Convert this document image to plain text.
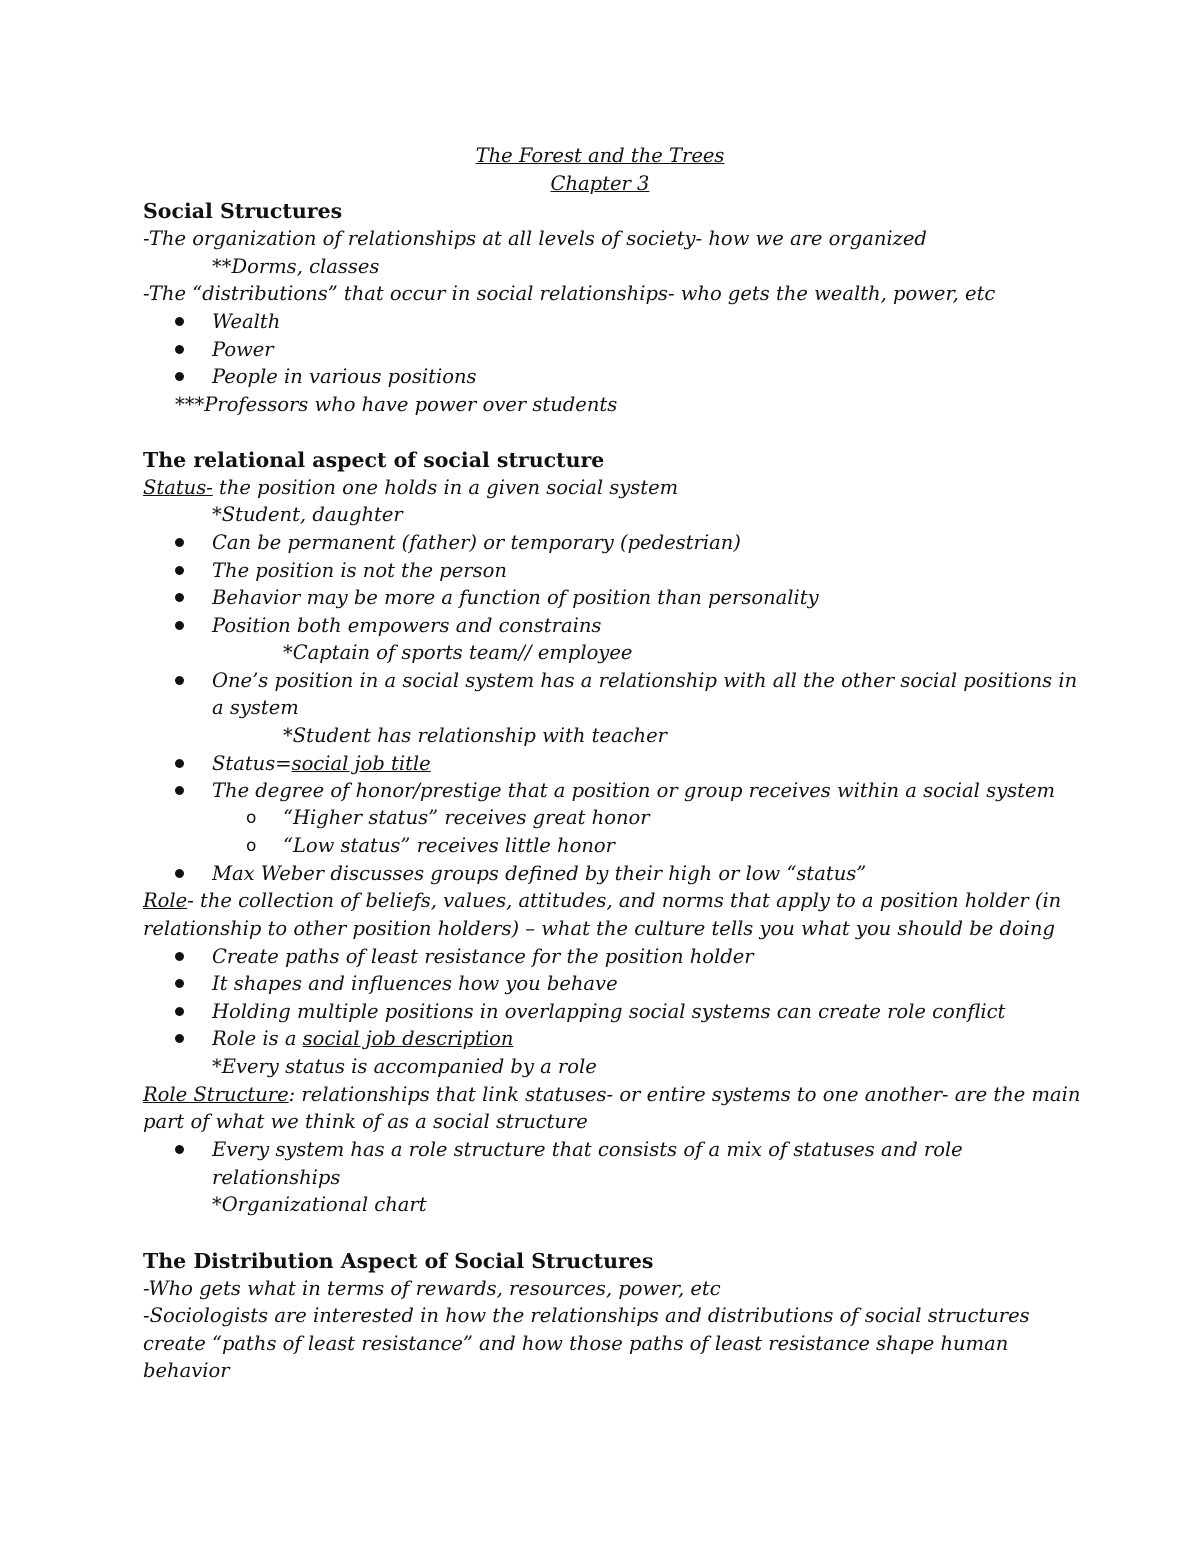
The Forest and the Trees
Chapter 3
Social Structures
-The organization of relationships at all levels of society- how we are organized
**Dorms, classes
-The “distributions” that occur in social relationships- who gets the wealth, power, etc
Wealth
Power
People in various positions
***Professors who have power over students
The relational aspect of social structure
Status- the position one holds in a given social system
*Student, daughter
Can be permanent (father) or temporary (pedestrian)
The position is not the person
Behavior may be more a function of position than personality
Position both empowers and constrains
*Captain of sports team// employee
One’s position in a social system has a relationship with all the other social positions in
a system
*Student has relationship with teacher
Status=social job title
The degree of honor/prestige that a position or group receives within a social system
o “Higher status” receives great honor
o “Low status” receives little honor
Max Weber discusses groups defined by their high or low “status”
Role- the collection of beliefs, values, attitudes, and norms that apply to a position holder (in
relationship to other position holders) – what the culture tells you what you should be doing
Create paths of least resistance for the position holder
It shapes and influences how you behave
Holding multiple positions in overlapping social systems can create role conflict
Role is a social job description
*Every status is accompanied by a role
Role Structure: relationships that link statuses- or entire systems to one another- are the main
part of what we think of as a social structure
Every system has a role structure that consists of a mix of statuses and role
relationships
*Organizational chart
The Distribution Aspect of Social Structures
-Who gets what in terms of rewards, resources, power, etc
-Sociologists are interested in how the relationships and distributions of social structures
create “paths of least resistance” and how those paths of least resistance shape human
behavior
